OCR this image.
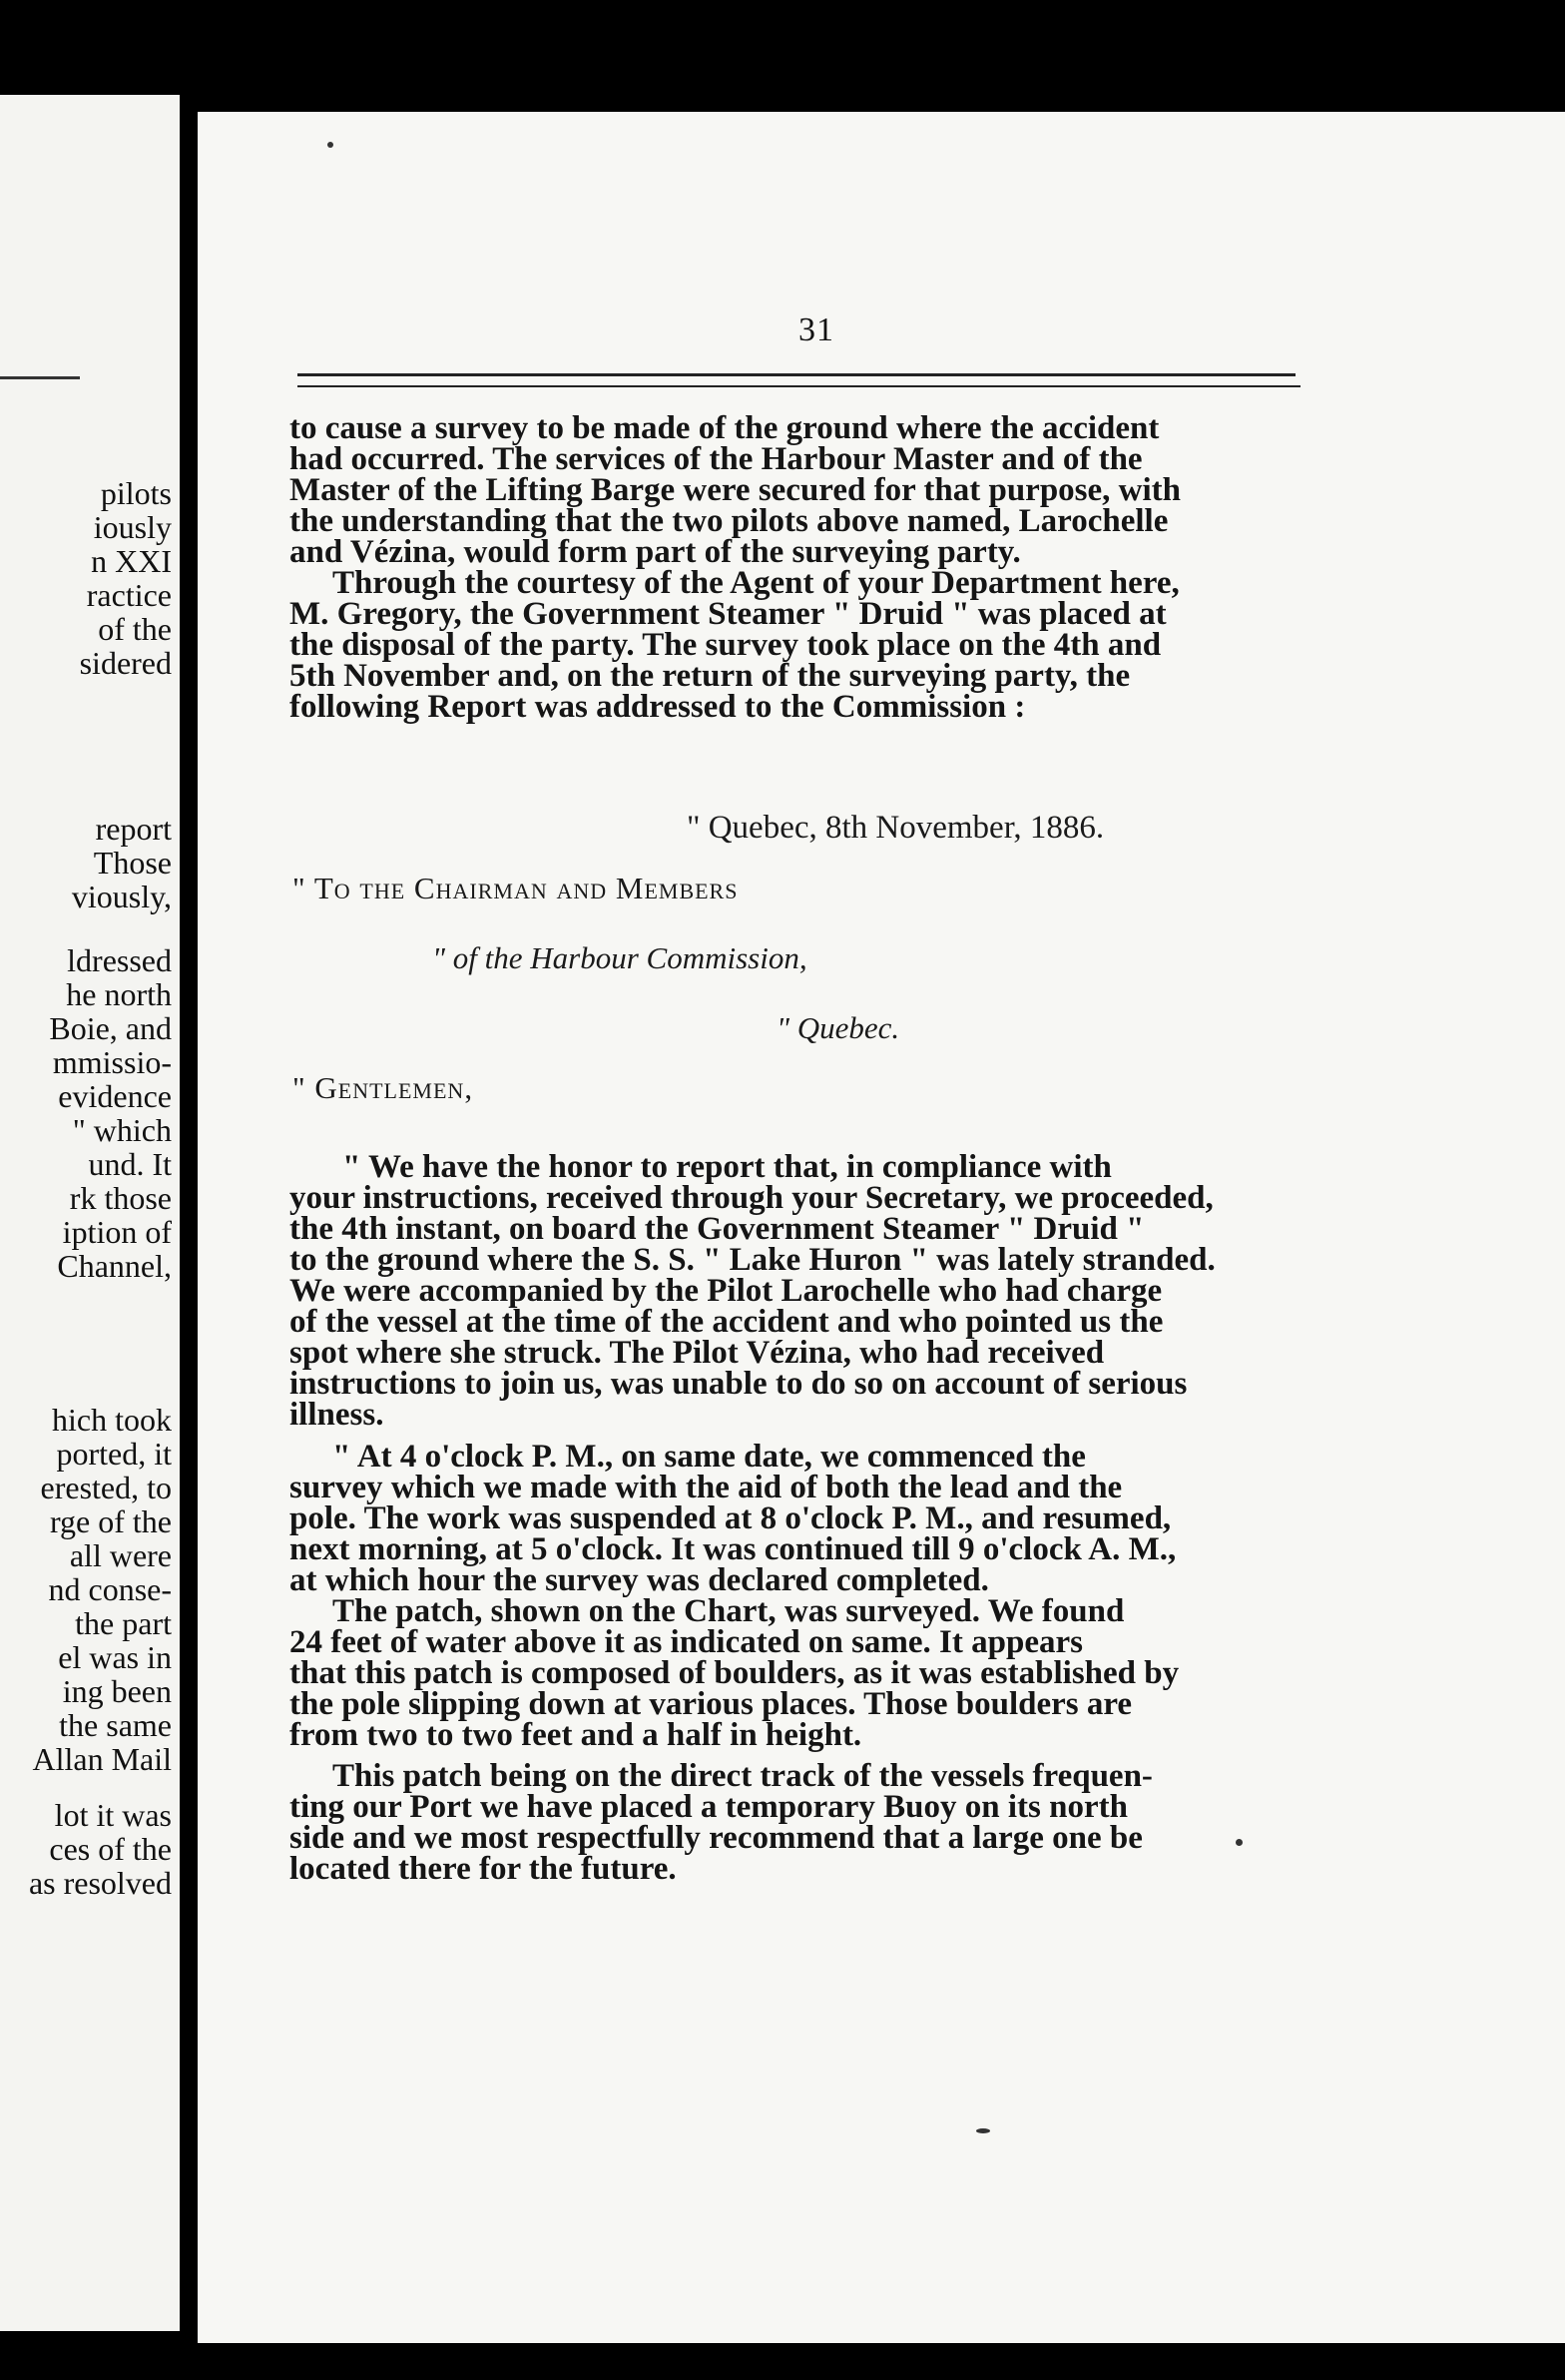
pilots
iously
n XXI
ractice
of the
sidered
report
Those
viously,
ldressed
he north
Boie, and
mmissio-
evidence
" which
und. It
rk those
iption of
Channel,
hich took
ported, it
erested, to
rge of the
all were
nd conse-
the part
el was in
ing been
the same
Allan Mail
lot it was
ces of the
as resolved
31
to cause a survey to be made of the ground where the accident
had occurred. The services of the Harbour Master and of the
Master of the Lifting Barge were secured for that purpose, with
the understanding that the two pilots above named, Larochelle
and Vézina, would form part of the surveying party.
Through the courtesy of the Agent of your Department here,
M. Gregory, the Government Steamer " Druid " was placed at
the disposal of the party. The survey took place on the 4th and
5th November and, on the return of the surveying party, the
following Report was addressed to the Commission :
" Quebec, 8th November, 1886.
" To the Chairman and Members
" of the Harbour Commission,
" Quebec.
" Gentlemen,
" We have the honor to report that, in compliance with
your instructions, received through your Secretary, we proceeded,
the 4th instant, on board the Government Steamer " Druid "
to the ground where the S. S. " Lake Huron " was lately stranded.
We were accompanied by the Pilot Larochelle who had charge
of the vessel at the time of the accident and who pointed us the
spot where she struck. The Pilot Vézina, who had received
instructions to join us, was unable to do so on account of serious
illness.
" At 4 o'clock P. M., on same date, we commenced the
survey which we made with the aid of both the lead and the
pole. The work was suspended at 8 o'clock P. M., and resumed,
next morning, at 5 o'clock. It was continued till 9 o'clock A. M.,
at which hour the survey was declared completed.
The patch, shown on the Chart, was surveyed. We found
24 feet of water above it as indicated on same. It appears
that this patch is composed of boulders, as it was established by
the pole slipping down at various places. Those boulders are
from two to two feet and a half in height.
This patch being on the direct track of the vessels frequen-
ting our Port we have placed a temporary Buoy on its north
side and we most respectfully recommend that a large one be
located there for the future.
